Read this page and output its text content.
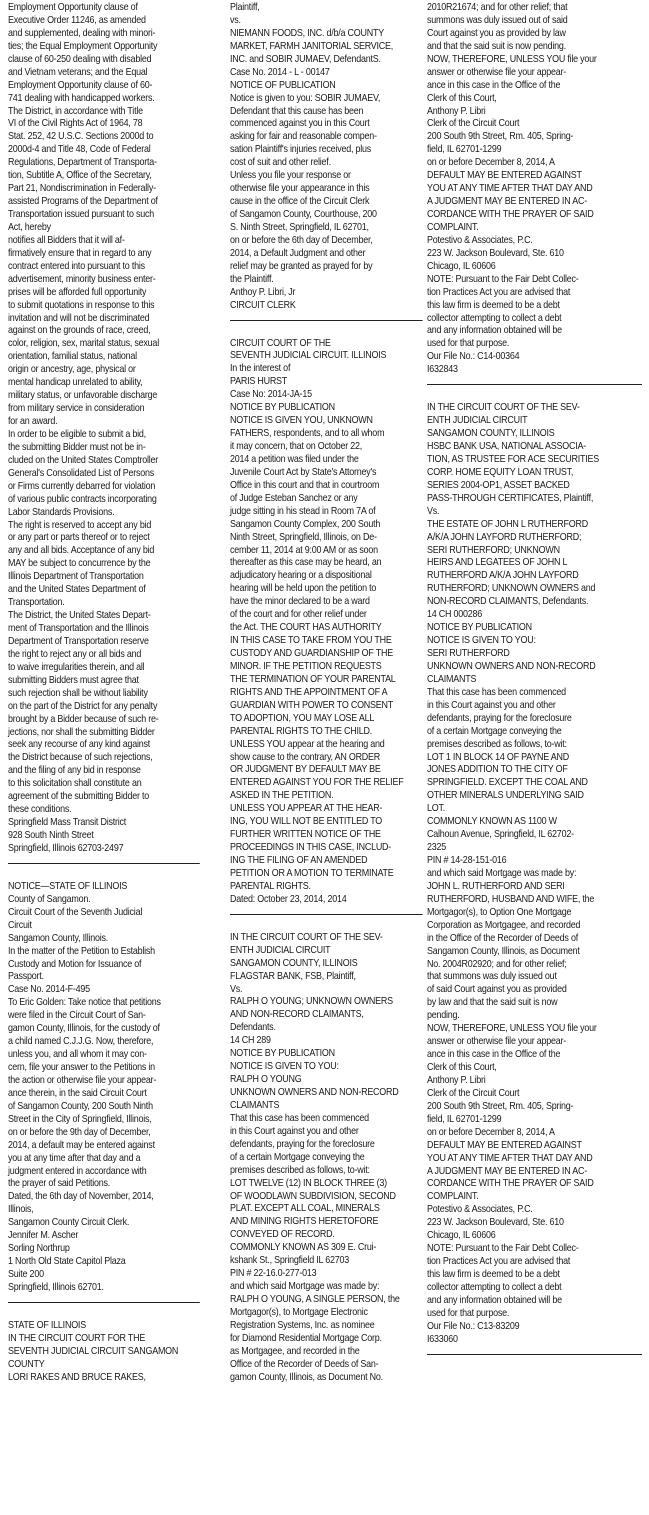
Employment Opportunity clause of
Executive Order 11246, as amended
and supplemented, dealing with minori-
ties; the Equal Employment Opportunity
clause of 60-250 dealing with disabled
and Vietnam veterans; and the Equal
Employment Opportunity clause of 60-
741 dealing with handicapped workers.
The District, in accordance with Title
VI of the Civil Rights Act of 1964, 78
Stat. 252, 42 U.S.C. Sections 2000d to
2000d-4 and Title 48, Code of Federal
Regulations, Department of Transporta-
tion, Subtitle A, Office of the Secretary,
Part 21, Nondiscrimination in Federally-
assisted Programs of the Department of
Transportation issued pursuant to such
Act, hereby
notifies all Bidders that it will af-
firmatively ensure that in regard to any
contract entered into pursuant to this
advertisement, minority business enter-
prises will be afforded full opportunity
to submit quotations in response to this
invitation and will not be discriminated
against on the grounds of race, creed,
color, religion, sex, marital status, sexual
orientation, familial status, national
origin or ancestry, age, physical or
mental handicap unrelated to ability,
military status, or unfavorable discharge
from military service in consideration
for an award.
In order to be eligible to submit a bid,
the submitting Bidder must not be in-
cluded on the United States Comptroller
General's Consolidated List of Persons
or Firms currently debarred for violation
of various public contracts incorporating
Labor Standards Provisions.
The right is reserved to accept any bid
or any part or parts thereof or to reject
any and all bids. Acceptance of any bid
MAY be subject to concurrence by the
Illinois Department of Transportation
and the United States Department of
Transportation.
The District, the United States Depart-
ment of Transportation and the Illinois
Department of Transportation reserve
the right to reject any or all bids and
to waive irregularities therein, and all
submitting Bidders must agree that
such rejection shall be without liability
on the part of the District for any penalty
brought by a Bidder because of such re-
jections, nor shall the submitting Bidder
seek any recourse of any kind against
the District because of such rejections,
and the filing of any bid in response
to this solicitation shall constitute an
agreement of the submitting Bidder to
these conditions.
Springfield Mass Transit District
928 South Ninth Street
Springfield, Illinois 62703-2497
NOTICE—STATE OF ILLINOIS
County of Sangamon.
Circuit Court of the Seventh Judicial
Circuit
Sangamon County, Illinois.
In the matter of the Petition to Establish
Custody and Motion for Issuance of
Passport.
Case No. 2014-F-495
To Eric Golden: Take notice that petitions
were filed in the Circuit Court of San-
gamon County, Illinois, for the custody of
a child named C.J.J.G. Now, therefore,
unless you, and all whom it may con-
cern, file your answer to the Petitions in
the action or otherwise file your appear-
ance therein, in the said Circuit Court
of Sangamon County, 200 South Ninth
Street in the City of Springfield, Illinois,
on or before the 9th day of December,
2014, a default may be entered against
you at any time after that day and a
judgment entered in accordance with
the prayer of said Petitions.
Dated, the 6th day of November, 2014,
Illinois,
Sangamon County Circuit Clerk.
Jennifer M. Ascher
Sorling Northrup
1 North Old State Capitol Plaza
Suite 200
Springfield, Illinois 62701.
STATE OF ILLINOIS
IN THE CIRCUIT COURT FOR THE
SEVENTH JUDICIAL CIRCUIT SANGAMON
COUNTY
LORI RAKES AND BRUCE RAKES,
Plaintiff,
vs.
NIEMANN FOODS, INC. d/b/a COUNTY
MARKET, FARMH JANITORIAL SERVICE,
INC. and SOBIR JUMAEV, DefendantS.
Case No. 2014 - L - 00147
NOTICE OF PUBLICATION
Notice is given to you: SOBIR JUMAEV,
Defendant that this cause has been
commenced against you in this Court
asking for fair and reasonable compen-
sation Plaintiff's injuries received, plus
cost of suit and other relief.
Unless you file your response or
otherwise file your appearance in this
cause in the office of the Circuit Clerk
of Sangamon County, Courthouse, 200
S. Ninth Street, Springfield, IL 62701,
on or before the 6th day of December,
2014, a Default Judgment and other
relief may be granted as prayed for by
the Plaintiff.
Anthoy P. Libri, Jr
CIRCUIT CLERK
CIRCUIT COURT OF THE
SEVENTH JUDICIAL CIRCUIT. ILLINOIS
In the interest of
PARIS HURST
Case No: 2014-JA-15
NOTICE BY PUBLICATION
NOTICE IS GIVEN YOU, UNKNOWN
FATHERS, respondents, and to all whom
it may concern, that on October 22,
2014 a petition was filed under the
Juvenile Court Act by State's Attorney's
Office in this court and that in courtroom
of Judge Esteban Sanchez or any
judge sitting in his stead in Room 7A of
Sangamon County Complex, 200 South
Ninth Street, Springfield, Illinois, on De-
cember 11, 2014 at 9:00 AM or as soon
thereafter as this case may be heard, an
adjudicatory hearing or a dispositional
hearing will be held upon the petition to
have the minor declared to be a ward
of the court and for other relief under
the Act. THE COURT HAS AUTHORITY
IN THIS CASE TO TAKE FROM YOU THE
CUSTODY AND GUARDIANSHIP OF THE
MINOR. IF THE PETITION REQUESTS
THE TERMINATION OF YOUR PARENTAL
RIGHTS AND THE APPOINTMENT OF A
GUARDIAN WITH POWER TO CONSENT
TO ADOPTION, YOU MAY LOSE ALL
PARENTAL RIGHTS TO THE CHILD.
UNLESS YOU appear at the hearing and
show cause to the contrary, AN ORDER
OR JUDGMENT BY DEFAULT MAY BE
ENTERED AGAINST YOU FOR THE RELIEF
ASKED IN THE PETITION.
UNLESS YOU APPEAR AT THE HEAR-
ING, YOU WILL NOT BE ENTITLED TO
FURTHER WRITTEN NOTICE OF THE
PROCEEDINGS IN THIS CASE, INCLUD-
ING THE FILING OF AN AMENDED
PETITION OR A MOTION TO TERMINATE
PARENTAL RIGHTS.
Dated: October 23, 2014, 2014
IN THE CIRCUIT COURT OF THE SEV-
ENTH JUDICIAL CIRCUIT
SANGAMON COUNTY, ILLINOIS
FLAGSTAR BANK, FSB, Plaintiff,
Vs.
RALPH O YOUNG; UNKNOWN OWNERS
AND NON-RECORD CLAIMANTS,
Defendants.
14 CH 289
NOTICE BY PUBLICATION
NOTICE IS GIVEN TO YOU:
RALPH O YOUNG
UNKNOWN OWNERS AND NON-RECORD
CLAIMANTS
That this case has been commenced
in this Court against you and other
defendants, praying for the foreclosure
of a certain Mortgage conveying the
premises described as follows, to-wit:
LOT TWELVE (12) IN BLOCK THREE (3)
OF WOODLAWN SUBDIVISION, SECOND
PLAT. EXCEPT ALL COAL, MINERALS
AND MINING RIGHTS HERETOFORE
CONVEYED OF RECORD.
COMMONLY KNOWN AS 309 E. Crui-
kshank St., Springfield IL 62703
PIN # 22-16.0-277-013
and which said Mortgage was made by:
RALPH O YOUNG, A SINGLE PERSON, the
Mortgagor(s), to Mortgage Electronic
Registration Systems, Inc. as nominee
for Diamond Residential Mortgage Corp.
as Mortgagee, and recorded in the
Office of the Recorder of Deeds of San-
gamon County, Illinois, as Document No.
2010R21674; and for other relief; that
summons was duly issued out of said
Court against you as provided by law
and that the said suit is now pending.
NOW, THEREFORE, UNLESS YOU file your
answer or otherwise file your appear-
ance in this case in the Office of the
Clerk of this Court,
Anthony P. Libri
Clerk of the Circuit Court
200 South 9th Street, Rm. 405, Spring-
field, IL 62701-1299
on or before December 8, 2014, A
DEFAULT MAY BE ENTERED AGAINST
YOU AT ANY TIME AFTER THAT DAY AND
A JUDGMENT MAY BE ENTERED IN AC-
CORDANCE WITH THE PRAYER OF SAID
COMPLAINT.
Potestivo & Associates, P.C.
223 W. Jackson Boulevard, Ste. 610
Chicago, IL 60606
NOTE: Pursuant to the Fair Debt Collec-
tion Practices Act you are advised that
this law firm is deemed to be a debt
collector attempting to collect a debt
and any information obtained will be
used for that purpose.
Our File No.: C14-00364
I632843
IN THE CIRCUIT COURT OF THE SEV-
ENTH JUDICIAL CIRCUIT
SANGAMON COUNTY, ILLINOIS
HSBC BANK USA, NATIONAL ASSOCIA-
TION, AS TRUSTEE FOR ACE SECURITIES
CORP. HOME EQUITY LOAN TRUST,
SERIES 2004-OP1, ASSET BACKED
PASS-THROUGH CERTIFICATES, Plaintiff,
Vs.
THE ESTATE OF JOHN L RUTHERFORD
A/K/A JOHN LAYFORD RUTHERFORD;
SERI RUTHERFORD; UNKNOWN
HEIRS AND LEGATEES OF JOHN L
RUTHERFORD A/K/A JOHN LAYFORD
RUTHERFORD; UNKNOWN OWNERS and
NON-RECORD CLAIMANTS, Defendants.
14 CH 000286
NOTICE BY PUBLICATION
NOTICE IS GIVEN TO YOU:
SERI RUTHERFORD
UNKNOWN OWNERS AND NON-RECORD
CLAIMANTS
That this case has been commenced
in this Court against you and other
defendants, praying for the foreclosure
of a certain Mortgage conveying the
premises described as follows, to-wit:
LOT 1 IN BLOCK 14 OF PAYNE AND
JONES ADDITION TO THE CITY OF
SPRINGFIELD. EXCEPT THE COAL AND
OTHER MINERALS UNDERLYING SAID
LOT.
COMMONLY KNOWN AS 1100 W
Calhoun Avenue, Springfield, IL 62702-
2325
PIN # 14-28-151-016
and which said Mortgage was made by:
JOHN L. RUTHERFORD AND SERI
RUTHERFORD, HUSBAND AND WIFE, the
Mortgagor(s), to Option One Mortgage
Corporation as Mortgagee, and recorded
in the Office of the Recorder of Deeds of
Sangamon County, Illinois, as Document
No. 2004R02920; and for other relief;
that summons was duly issued out
of said Court against you as provided
by law and that the said suit is now
pending.
NOW, THEREFORE, UNLESS YOU file your
answer or otherwise file your appear-
ance in this case in the Office of the
Clerk of this Court,
Anthony P. Libri
Clerk of the Circuit Court
200 South 9th Street, Rm. 405, Spring-
field, IL 62701-1299
on or before December 8, 2014, A
DEFAULT MAY BE ENTERED AGAINST
YOU AT ANY TIME AFTER THAT DAY AND
A JUDGMENT MAY BE ENTERED IN AC-
CORDANCE WITH THE PRAYER OF SAID
COMPLAINT.
Potestivo & Associates, P.C.
223 W. Jackson Boulevard, Ste. 610
Chicago, IL 60606
NOTE: Pursuant to the Fair Debt Collec-
tion Practices Act you are advised that
this law firm is deemed to be a debt
collector attempting to collect a debt
and any information obtained will be
used for that purpose.
Our File No.: C13-83209
I633060
